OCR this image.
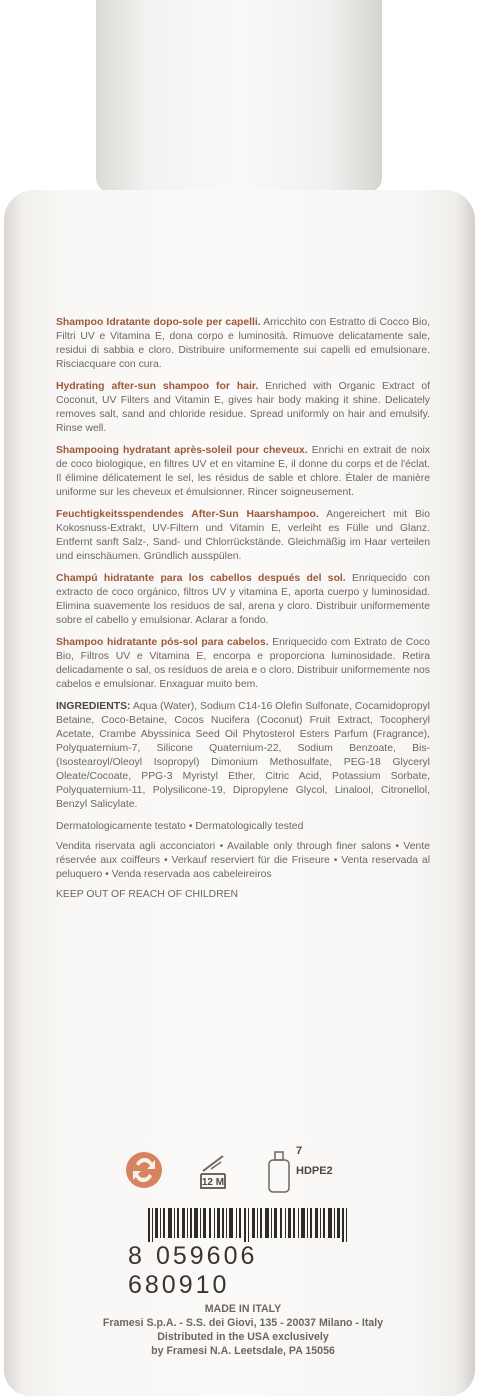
Shampoo Idratante dopo-sole per capelli. Arricchito con Estratto di Cocco Bio, Filtri UV e Vitamina E, dona corpo e luminosità. Rimuove delicatamente sale, residui di sabbia e cloro. Distribuire uniformemente sui capelli ed emulsionare. Risciacquare con cura.

Hydrating after-sun shampoo for hair. Enriched with Organic Extract of Coconut, UV Filters and Vitamin E, gives hair body making it shine. Delicately removes salt, sand and chloride residue. Spread uniformly on hair and emulsify. Rinse well.

Shampooing hydratant après-soleil pour cheveux. Enrichi en extrait de noix de coco biologique, en filtres UV et en vitamine E, il donne du corps et de l'éclat. Il élimine délicatement le sel, les résidus de sable et chlore. Étaler de manière uniforme sur les cheveux et émulsionner. Rincer soigneusement.

Feuchtigkeitsspendendes After-Sun Haarshampoo. Angereichert mit Bio Kokosnuss-Extrakt, UV-Filtern und Vitamin E, verleiht es Fülle und Glanz. Entfernt sanft Salz-, Sand- und Chlorrückstände. Gleichmäßig im Haar verteilen und einschäumen. Gründlich ausspülen.

Champú hidratante para los cabellos después del sol. Enriquecido con extracto de coco orgánico, filtros UV y vitamina E, aporta cuerpo y luminosidad. Elimina suavemente los residuos de sal, arena y cloro. Distribuir uniformemente sobre el cabello y emulsionar. Aclarar a fondo.

Shampoo hidratante pós-sol para cabelos. Enriquecido com Extrato de Coco Bio, Filtros UV e Vitamina E, encorpa e proporciona luminosidade. Retira delicadamente o sal, os resíduos de areia e o cloro. Distribuir uniformemente nos cabelos e emulsionar. Enxaguar muito bem.

INGREDIENTS: Aqua (Water), Sodium C14-16 Olefin Sulfonate, Cocamidopropyl Betaine, Coco-Betaine, Cocos Nucifera (Coconut) Fruit Extract, Tocopheryl Acetate, Crambe Abyssinica Seed Oil Phytosterol Esters Parfum (Fragrance), Polyquaternium-7, Silicone Quaternium-22, Sodium Benzoate, Bis-(Isostearoyl/Oleoyl Isopropyl) Dimonium Methosulfate, PEG-18 Glyceryl Oleate/Cocoate, PPG-3 Myristyl Ether, Citric Acid, Potassium Sorbate, Polyquaternium-11, Polysilicone-19, Dipropylene Glycol, Linalool, Citronellol, Benzyl Salicylate.

Dermatologicamente testato • Dermatologically tested

Vendita riservata agli acconciatori • Available only through finer salons • Vente réservée aux coiffeurs • Verkauf reserviert für die Friseure • Venta reservada al peluquero • Venda reservada aos cabeleireiros

KEEP OUT OF REACH OF CHILDREN

12 M
7
HDPE2
8 059606 680910
MADE IN ITALY
Framesi S.p.A. - S.S. dei Giovi, 135 - 20037 Milano - Italy
Distributed in the USA exclusively
by Framesi N.A. Leetsdale, PA 15056
